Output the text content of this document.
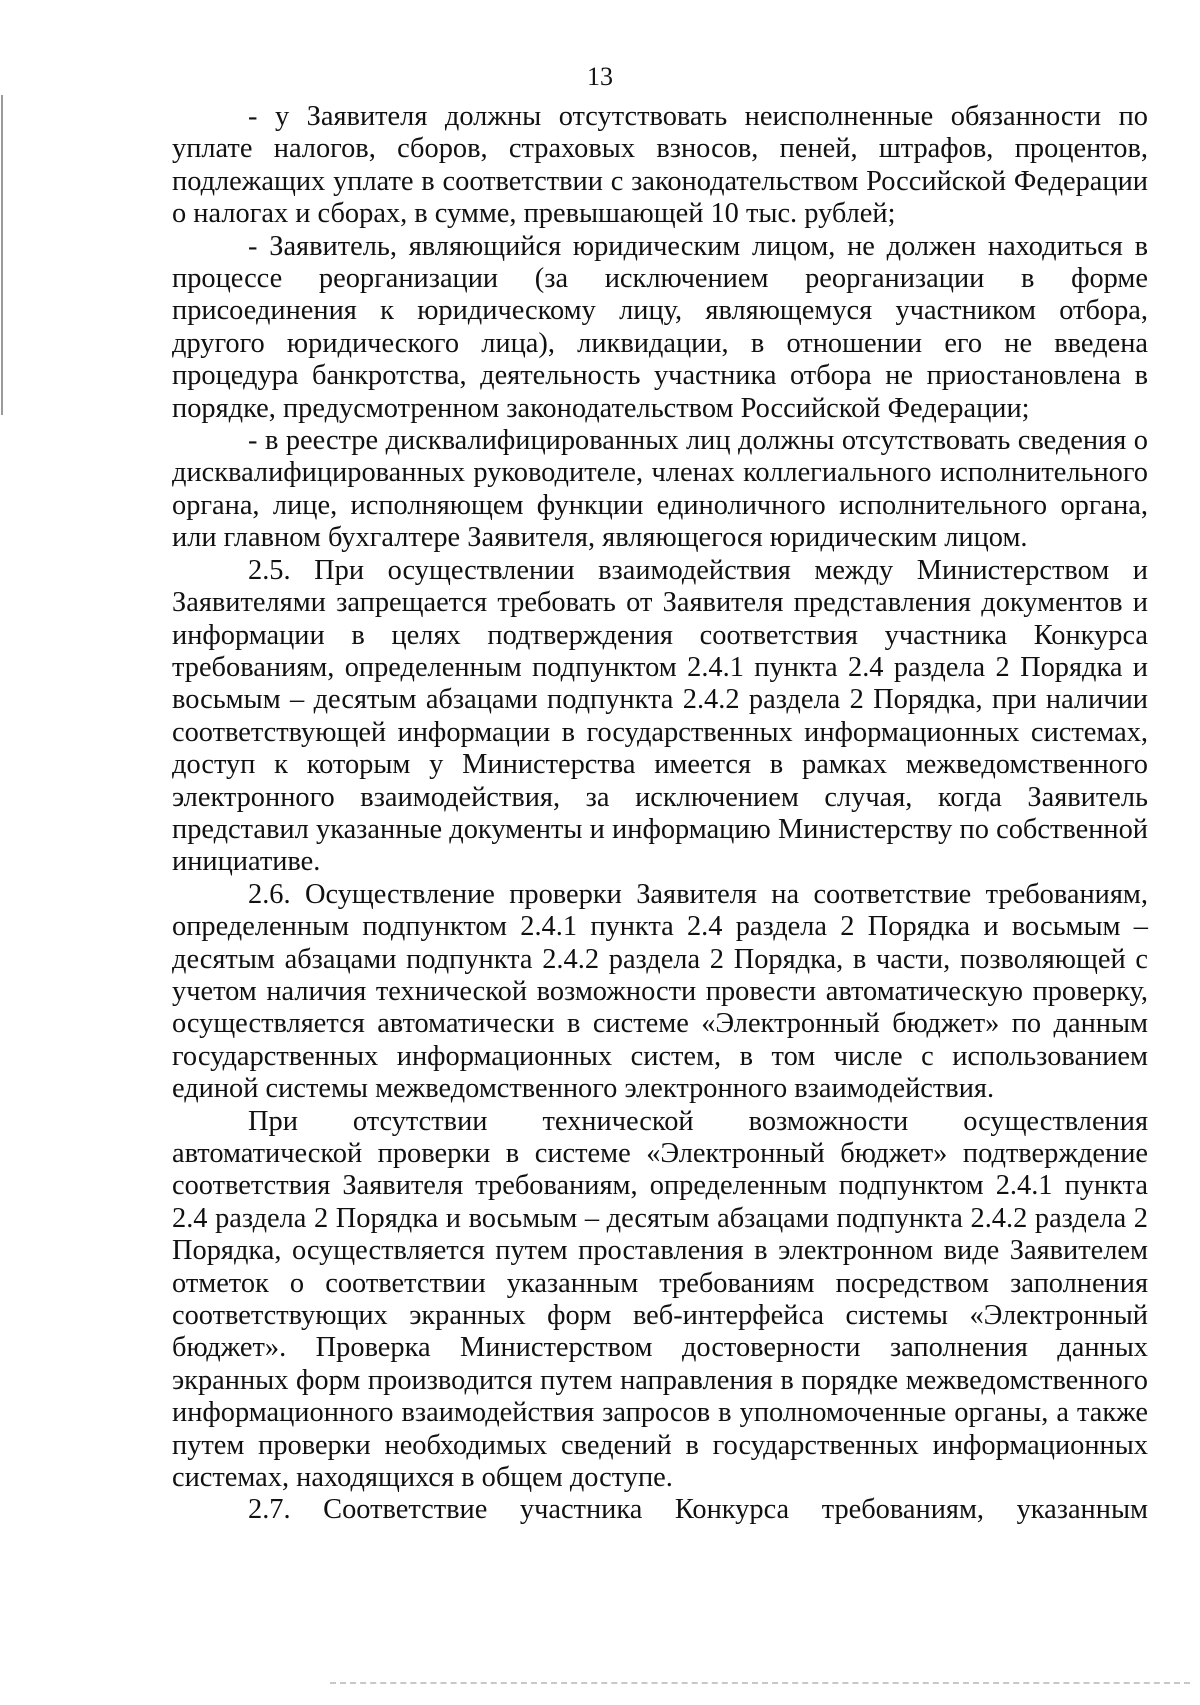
13

- у Заявителя должны отсутствовать неисполненные обязанности по уплате налогов, сборов, страховых взносов, пеней, штрафов, процентов, подлежащих уплате в соответствии с законодательством Российской Федерации о налогах и сборах, в сумме, превышающей 10 тыс. рублей;

- Заявитель, являющийся юридическим лицом, не должен находиться в процессе реорганизации (за исключением реорганизации в форме присоединения к юридическому лицу, являющемуся участником отбора, другого юридического лица), ликвидации, в отношении его не введена процедура банкротства, деятельность участника отбора не приостановлена в порядке, предусмотренном законодательством Российской Федерации;

- в реестре дисквалифицированных лиц должны отсутствовать сведения о дисквалифицированных руководителе, членах коллегиального исполнительного органа, лице, исполняющем функции единоличного исполнительного органа, или главном бухгалтере Заявителя, являющегося юридическим лицом.

2.5. При осуществлении взаимодействия между Министерством и Заявителями запрещается требовать от Заявителя представления документов и информации в целях подтверждения соответствия участника Конкурса требованиям, определенным подпунктом 2.4.1 пункта 2.4 раздела 2 Порядка и восьмым – десятым абзацами подпункта 2.4.2 раздела 2 Порядка, при наличии соответствующей информации в государственных информационных системах, доступ к которым у Министерства имеется в рамках межведомственного электронного взаимодействия, за исключением случая, когда Заявитель представил указанные документы и информацию Министерству по собственной инициативе.

2.6. Осуществление проверки Заявителя на соответствие требованиям, определенным подпунктом 2.4.1 пункта 2.4 раздела 2 Порядка и восьмым – десятым абзацами подпункта 2.4.2 раздела 2 Порядка, в части, позволяющей с учетом наличия технической возможности провести автоматическую проверку, осуществляется автоматически в системе «Электронный бюджет» по данным государственных информационных систем, в том числе с использованием единой системы межведомственного электронного взаимодействия.

При отсутствии технической возможности осуществления автоматической проверки в системе «Электронный бюджет» подтверждение соответствия Заявителя требованиям, определенным подпунктом 2.4.1 пункта 2.4 раздела 2 Порядка и восьмым – десятым абзацами подпункта 2.4.2 раздела 2 Порядка, осуществляется путем проставления в электронном виде Заявителем отметок о соответствии указанным требованиям посредством заполнения соответствующих экранных форм веб-интерфейса системы «Электронный бюджет». Проверка Министерством достоверности заполнения данных экранных форм производится путем направления в порядке межведомственного информационного взаимодействия запросов в уполномоченные органы, а также путем проверки необходимых сведений в государственных информационных системах, находящихся в общем доступе.

2.7. Соответствие участника Конкурса требованиям, указанным
